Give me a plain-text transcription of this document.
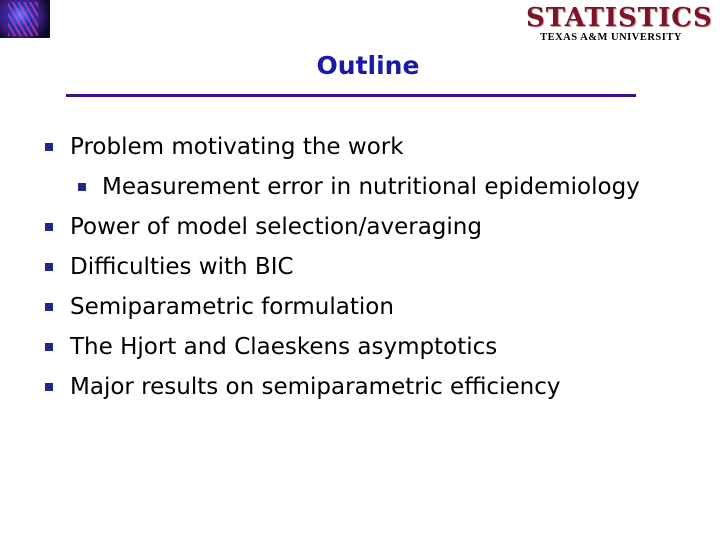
STATISTICS
TEXAS A&M UNIVERSITY
Outline
Problem motivating the work
Measurement error in nutritional epidemiology
Power of model selection/averaging
Difficulties with BIC
Semiparametric formulation
The Hjort and Claeskens asymptotics
Major results on semiparametric efficiency
